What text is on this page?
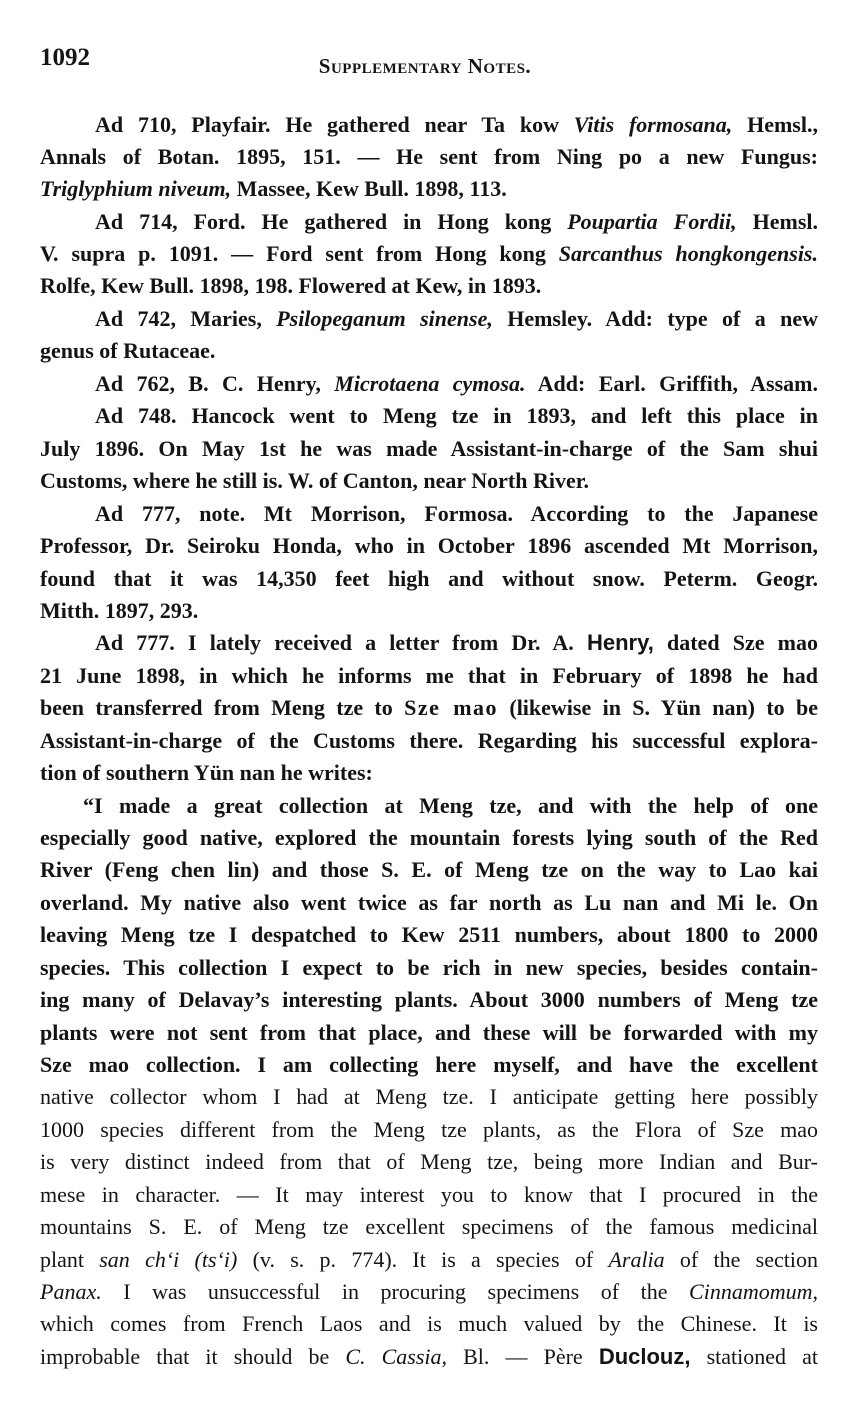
1092	Supplementary Notes.
Ad 710, Playfair. He gathered near Ta kow Vitis formosana, Hemsl.,
Annals of Botan. 1895, 151. — He sent from Ning po a new Fungus:
Triglyphium niveum, Massee, Kew Bull. 1898, 113.
Ad 714, Ford. He gathered in Hong kong Poupartia Fordii, Hemsl.
V. supra p. 1091. — Ford sent from Hong kong Sarcanthus hongkongensis.
Rolfe, Kew Bull. 1898, 198. Flowered at Kew, in 1893.
Ad 742, Maries, Psilopeganum sinense, Hemsley. Add: type of a new
genus of Rutaceae.
Ad 762, B. C. Henry, Microtaena cymosa. Add: Earl. Griffith, Assam.
Ad 748. Hancock went to Meng tze in 1893, and left this place in
July 1896. On May 1st he was made Assistant-in-charge of the Sam shui
Customs, where he still is. W. of Canton, near North River.
Ad 777, note. Mt Morrison, Formosa. According to the Japanese
Professor, Dr. Seiroku Honda, who in October 1896 ascended Mt Morrison,
found that it was 14,350 feet high and without snow. Peterm. Geogr.
Mitth. 1897, 293.
Ad 777. I lately received a letter from Dr. A. Henry, dated Sze mao
21 June 1898, in which he informs me that in February of 1898 he had
been transferred from Meng tze to Sze mao (likewise in S. Yün nan) to be
Assistant-in-charge of the Customs there. Regarding his successful explora-
tion of southern Yün nan he writes:
“I made a great collection at Meng tze, and with the help of one
especially good native, explored the mountain forests lying south of the Red
River (Feng chen lin) and those S. E. of Meng tze on the way to Lao kai
overland. My native also went twice as far north as Lu nan and Mi le. On
leaving Meng tze I despatched to Kew 2511 numbers, about 1800 to 2000
species. This collection I expect to be rich in new species, besides contain-
ing many of Delavay’s interesting plants. About 3000 numbers of Meng tze
plants were not sent from that place, and these will be forwarded with my
Sze mao collection. I am collecting here myself, and have the excellent
native collector whom I had at Meng tze. I anticipate getting here possibly
1000 species different from the Meng tze plants, as the Flora of Sze mao
is very distinct indeed from that of Meng tze, being more Indian and Bur-
mese in character. — It may interest you to know that I procured in the
mountains S. E. of Meng tze excellent specimens of the famous medicinal
plant san ch‘i (ts‘i) (v. s. p. 774). It is a species of Aralia of the section
Panax. I was unsuccessful in procuring specimens of the Cinnamomum,
which comes from French Laos and is much valued by the Chinese. It is
improbable that it should be C. Cassia, Bl. — Père Duclouz, stationed at
